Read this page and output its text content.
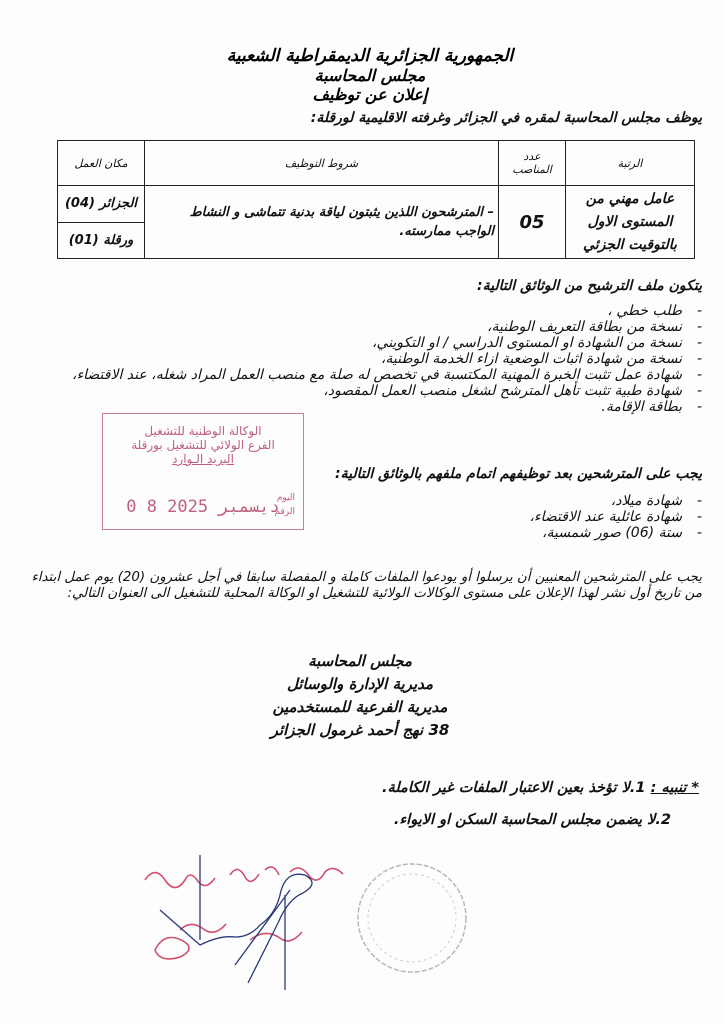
الجمهورية الجزائرية الديمقراطية الشعبية
مجلس المحاسبة
إعلان عن توظيف
يوظف مجلس المحاسبة لمقره في الجزائر وغرفته الاقليمية لورقلة:
الرتبة	عدد المناصب	شروط التوظيف	مكان العمل
عامل مهني من المستوى الاول بالتوقيت الجزئي	05	– المترشحون اللذين يثبتون لياقة بدنية تتماشى و النشاط الواجب ممارسته.	الجزائر (04)
			ورقلة (01)
يتكون ملف الترشيح من الوثائق التالية:
-
طلب خطي ،
-
نسخة من بطاقة التعريف الوطنية،
-
نسخة من الشهادة او المستوى الدراسي / او التكويني،
-
نسخة من شهادة اثبات الوضعية ازاء الخدمة الوطنية،
-
شهادة عمل تثبت الخبرة المهنية المكتسبة في تخصص له صلة مع منصب العمل المراد شغله، عند الاقتضاء،
-
شهادة طبية تثبت تأهل المترشح لشغل منصب العمل المقصود،
-
بطاقة الإقامة.
الوكالة الوطنية للتشغيل
الفرع الولائي للتشغيل بورقلة
البريد الـوارد
اليوم
الرقم
0 8 ديسمبر 2025
يجب على المترشحين بعد توظيفهم اتمام ملفهم بالوثائق التالية:
-
شهادة ميلاد،
-
شهادة عائلية عند الاقتضاء،
-
ستة (06) صور شمسية،
يجب على المترشحين المعنيين أن يرسلوا أو يودعوا الملفات كاملة و المفصلة سابقا في أجل عشرون (20) يوم عمل ابتداء من تاريخ أول نشر لهذا الإعلان على مستوى الوكالات الولائية للتشغيل او الوكالة المحلية للتشغيل الى العنوان التالي:
مجلس المحاسبة
مديرية الإدارة والوسائل
مديرية الفرعية للمستخدمين
38 نهج أحمد غرمول الجزائر
* تنبيه : 1.لا تؤخذ بعين الاعتبار الملفات غير الكاملة.
2.لا يضمن مجلس المحاسبة السكن او الايواء.
